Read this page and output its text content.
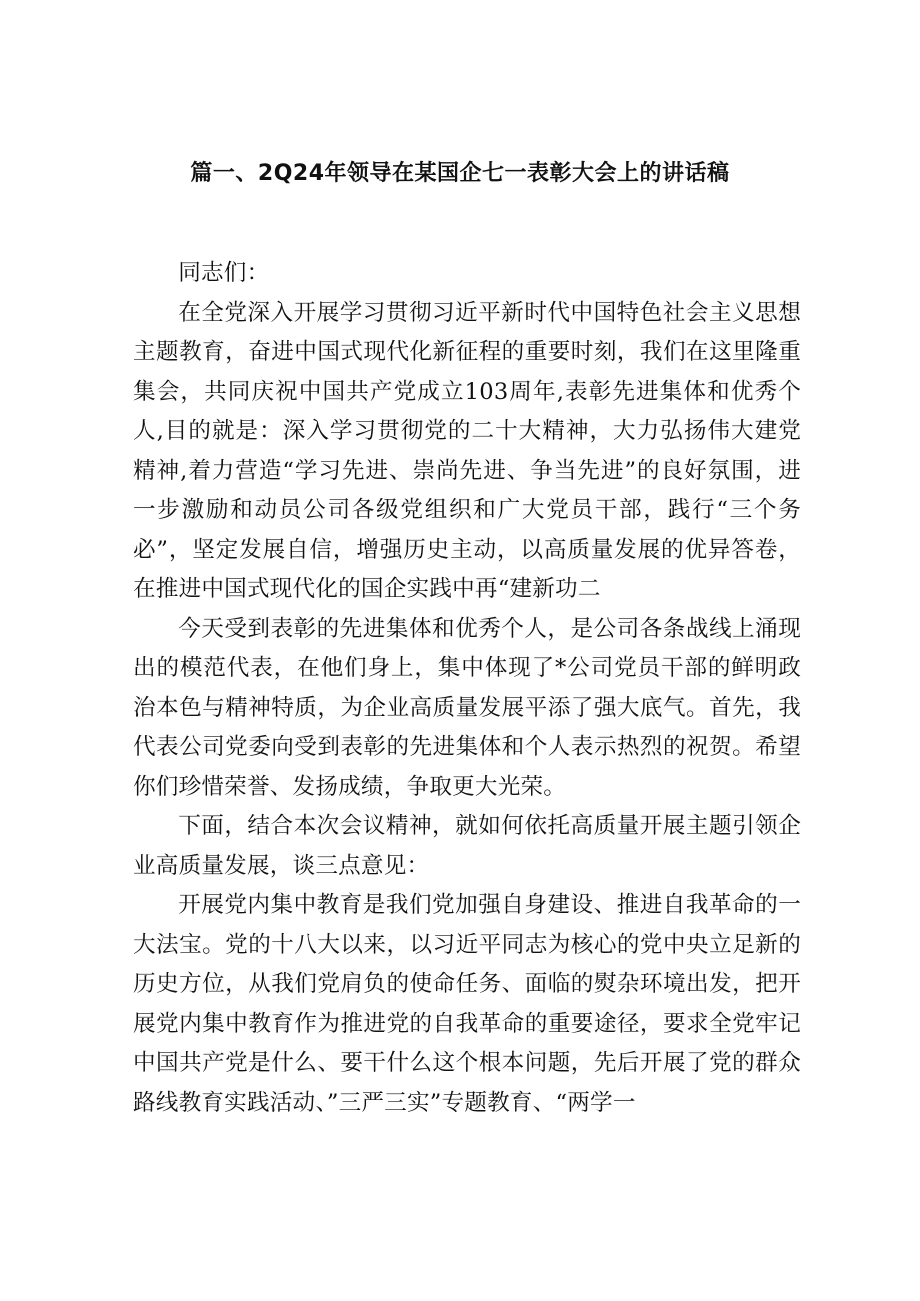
篇一、2Q24年领导在某国企七一表彰大会上的讲话稿

同志们：

在全党深入开展学习贯彻习近平新时代中国特色社会主义思想主题教育，奋进中国式现代化新征程的重要时刻，我们在这里隆重集会，共同庆祝中国共产党成立103周年,表彰先进集体和优秀个人,目的就是：深入学习贯彻党的二十大精神，大力弘扬伟大建党精神,着力营造“学习先进、崇尚先进、争当先进”的良好氛围，进一步激励和动员公司各级党组织和广大党员干部，践行“三个务必”，坚定发展自信，增强历史主动，以高质量发展的优异答卷，在推进中国式现代化的国企实践中再“建新功二

今天受到表彰的先进集体和优秀个人，是公司各条战线上涌现出的模范代表，在他们身上，集中体现了*公司党员干部的鲜明政治本色与精神特质，为企业高质量发展平添了强大底气。首先，我代表公司党委向受到表彰的先进集体和个人表示热烈的祝贺。希望你们珍惜荣誉、发扬成绩，争取更大光荣。

下面，结合本次会议精神，就如何依托高质量开展主题引领企业高质量发展，谈三点意见：

开展党内集中教育是我们党加强自身建设、推进自我革命的一大法宝。党的十八大以来，以习近平同志为核心的党中央立足新的历史方位，从我们党肩负的使命任务、面临的熨杂环境出发，把开展党内集中教育作为推进党的自我革命的重要途径，要求全党牢记中国共产党是什么、要干什么这个根本问题，先后开展了党的群众路线教育实践活动、”三严三实”专题教育、“两学一
